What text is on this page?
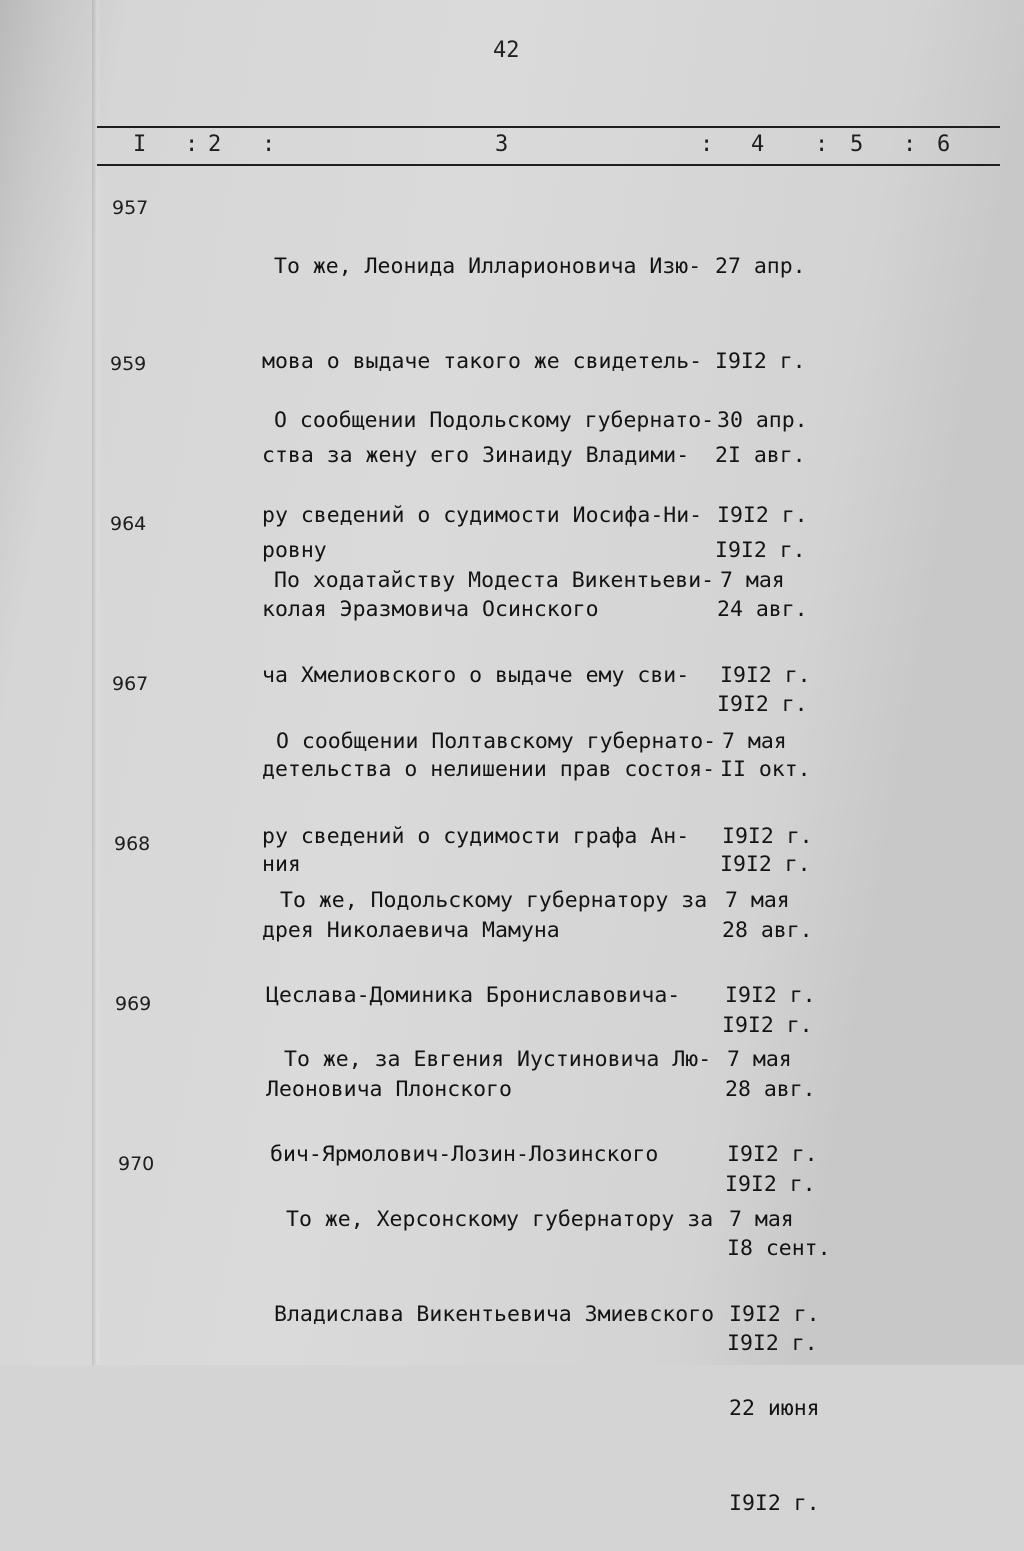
42
I : 2 :	3	: 4 : 5 : 6
957

То же, Леонида Илларионовича Изю-

мова о выдаче такого же свидетель-

ства за жену его Зинаиду Владими-

ровну

27 апр.

I9I2 г.

2I авг.

I9I2 г.

959

О сообщении Подольскому губернато-

ру сведений о судимости Иосифа-Ни-

колая Эразмовича Осинского

30 апр.

I9I2 г.

24 авг.

I9I2 г.

964

По ходатайству Модеста Викентьеви-

ча Хмелиовского о выдаче ему сви-

детельства о нелишении прав состоя-

ния

7 мая

I9I2 г.

II окт.

I9I2 г.

967

О сообщении Полтавскому губернато-

ру сведений о судимости графа Ан-

дрея Николаевича Мамуна

7 мая

I9I2 г.

28 авг.

I9I2 г.

968

То же, Подольскому губернатору за

Цеслава-Доминика Брониславовича-

Леоновича Плонского

7 мая

I9I2 г.

28 авг.

I9I2 г.

969

То же, за Евгения Иустиновича Лю-

бич-Ярмолович-Лозин-Лозинского

7 мая

I9I2 г.

I8 сент.

I9I2 г.

970

То же, Херсонскому губернатору за

Владислава Викентьевича Змиевского

7 мая

I9I2 г.

22 июня

I9I2 г.
